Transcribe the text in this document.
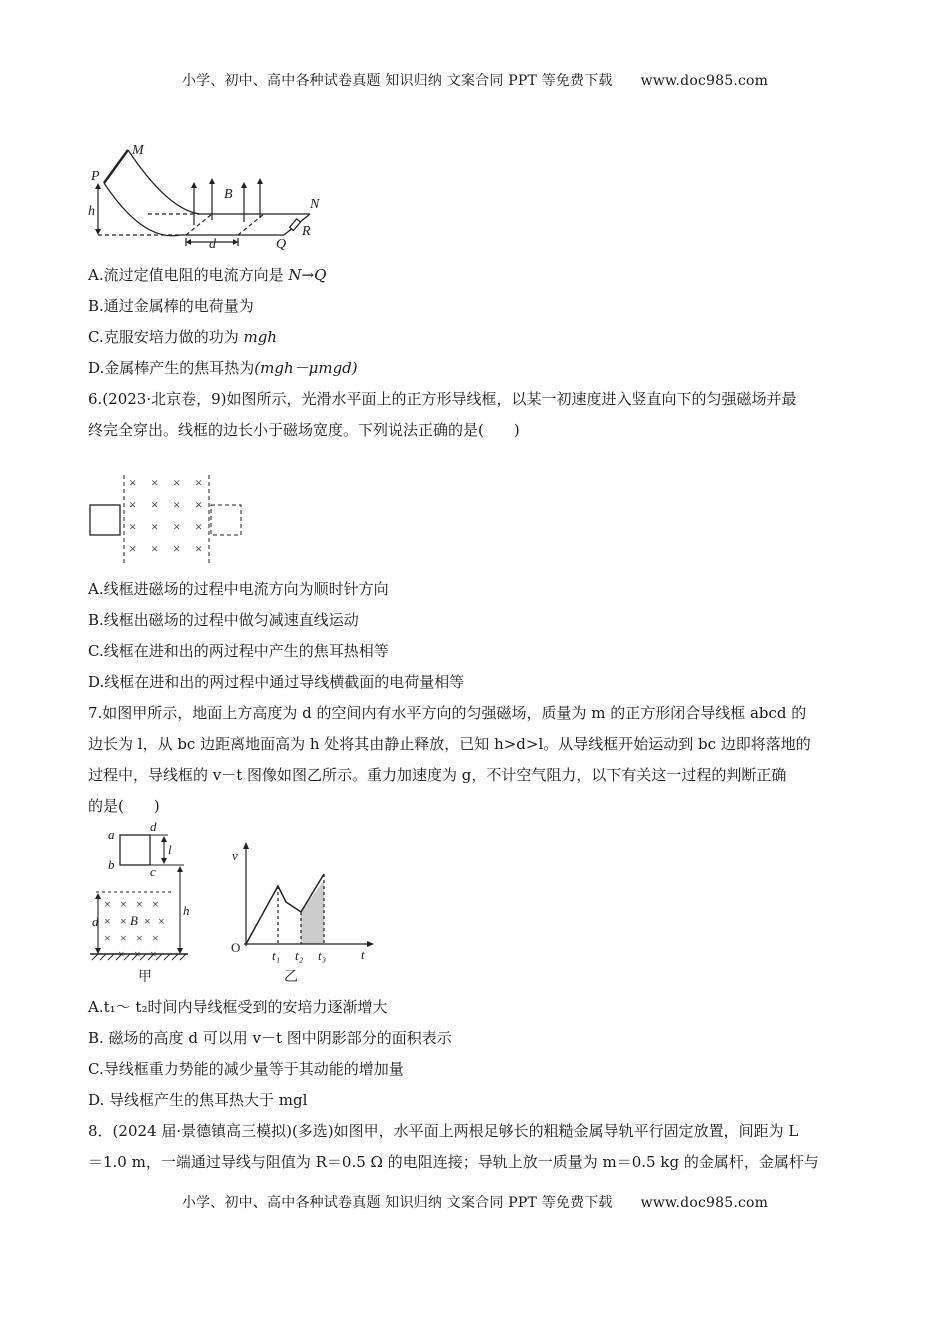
小学、初中、高中各种试卷真题 知识归纳 文案合同 PPT 等免费下载 www.doc985.com
M
P
B
N
h
d	Q
R
A.流过定值电阻的电流方向是 N→Q
B.通过金属棒的电荷量为
C.克服安培力做的功为 mgh
D.金属棒产生的焦耳热为(mgh－μmgd)
6.(2023·北京卷，9)如图所示，光滑水平面上的正方形导线框，以某一初速度进入竖直向下的匀强磁场并最
终完全穿出。线框的边长小于磁场宽度。下列说法正确的是(　　)
× × × ×
× × × ×
× × × ×
× × × ×
A.线框进磁场的过程中电流方向为顺时针方向
B.线框出磁场的过程中做匀减速直线运动
C.线框在进和出的两过程中产生的焦耳热相等
D.线框在进和出的两过程中通过导线横截面的电荷量相等
7.如图甲所示，地面上方高度为 d 的空间内有水平方向的匀强磁场，质量为 m 的正方形闭合导线框 abcd 的
边长为 l，从 bc 边距离地面高为 h 处将其由静止释放，已知 h>d>l。从导线框开始运动到 bc 边即将落地的
过程中，导线框的 v－t 图像如图乙所示。重力加速度为 g，不计空气阻力，以下有关这一过程的判断正确
的是(　　)
× × × ×
× × × ×
× × × ×
× × ×
a
b	c
d
l
d
h
B
甲
v
O	t
t₁ t₂ t₃
乙
A.t₁～ t₂时间内导线框受到的安培力逐渐增大
B. 磁场的高度 d 可以用 v－t 图中阴影部分的面积表示
C.导线框重力势能的减少量等于其动能的增加量
D. 导线框产生的焦耳热大于 mgl
8．(2024 届·景德镇高三模拟)(多选)如图甲，水平面上两根足够长的粗糙金属导轨平行固定放置，间距为 L
＝1.0 m，一端通过导线与阻值为 R＝0.5 Ω 的电阻连接；导轨上放一质量为 m＝0.5 kg 的金属杆，金属杆与
小学、初中、高中各种试卷真题 知识归纳 文案合同 PPT 等免费下载 www.doc985.com
